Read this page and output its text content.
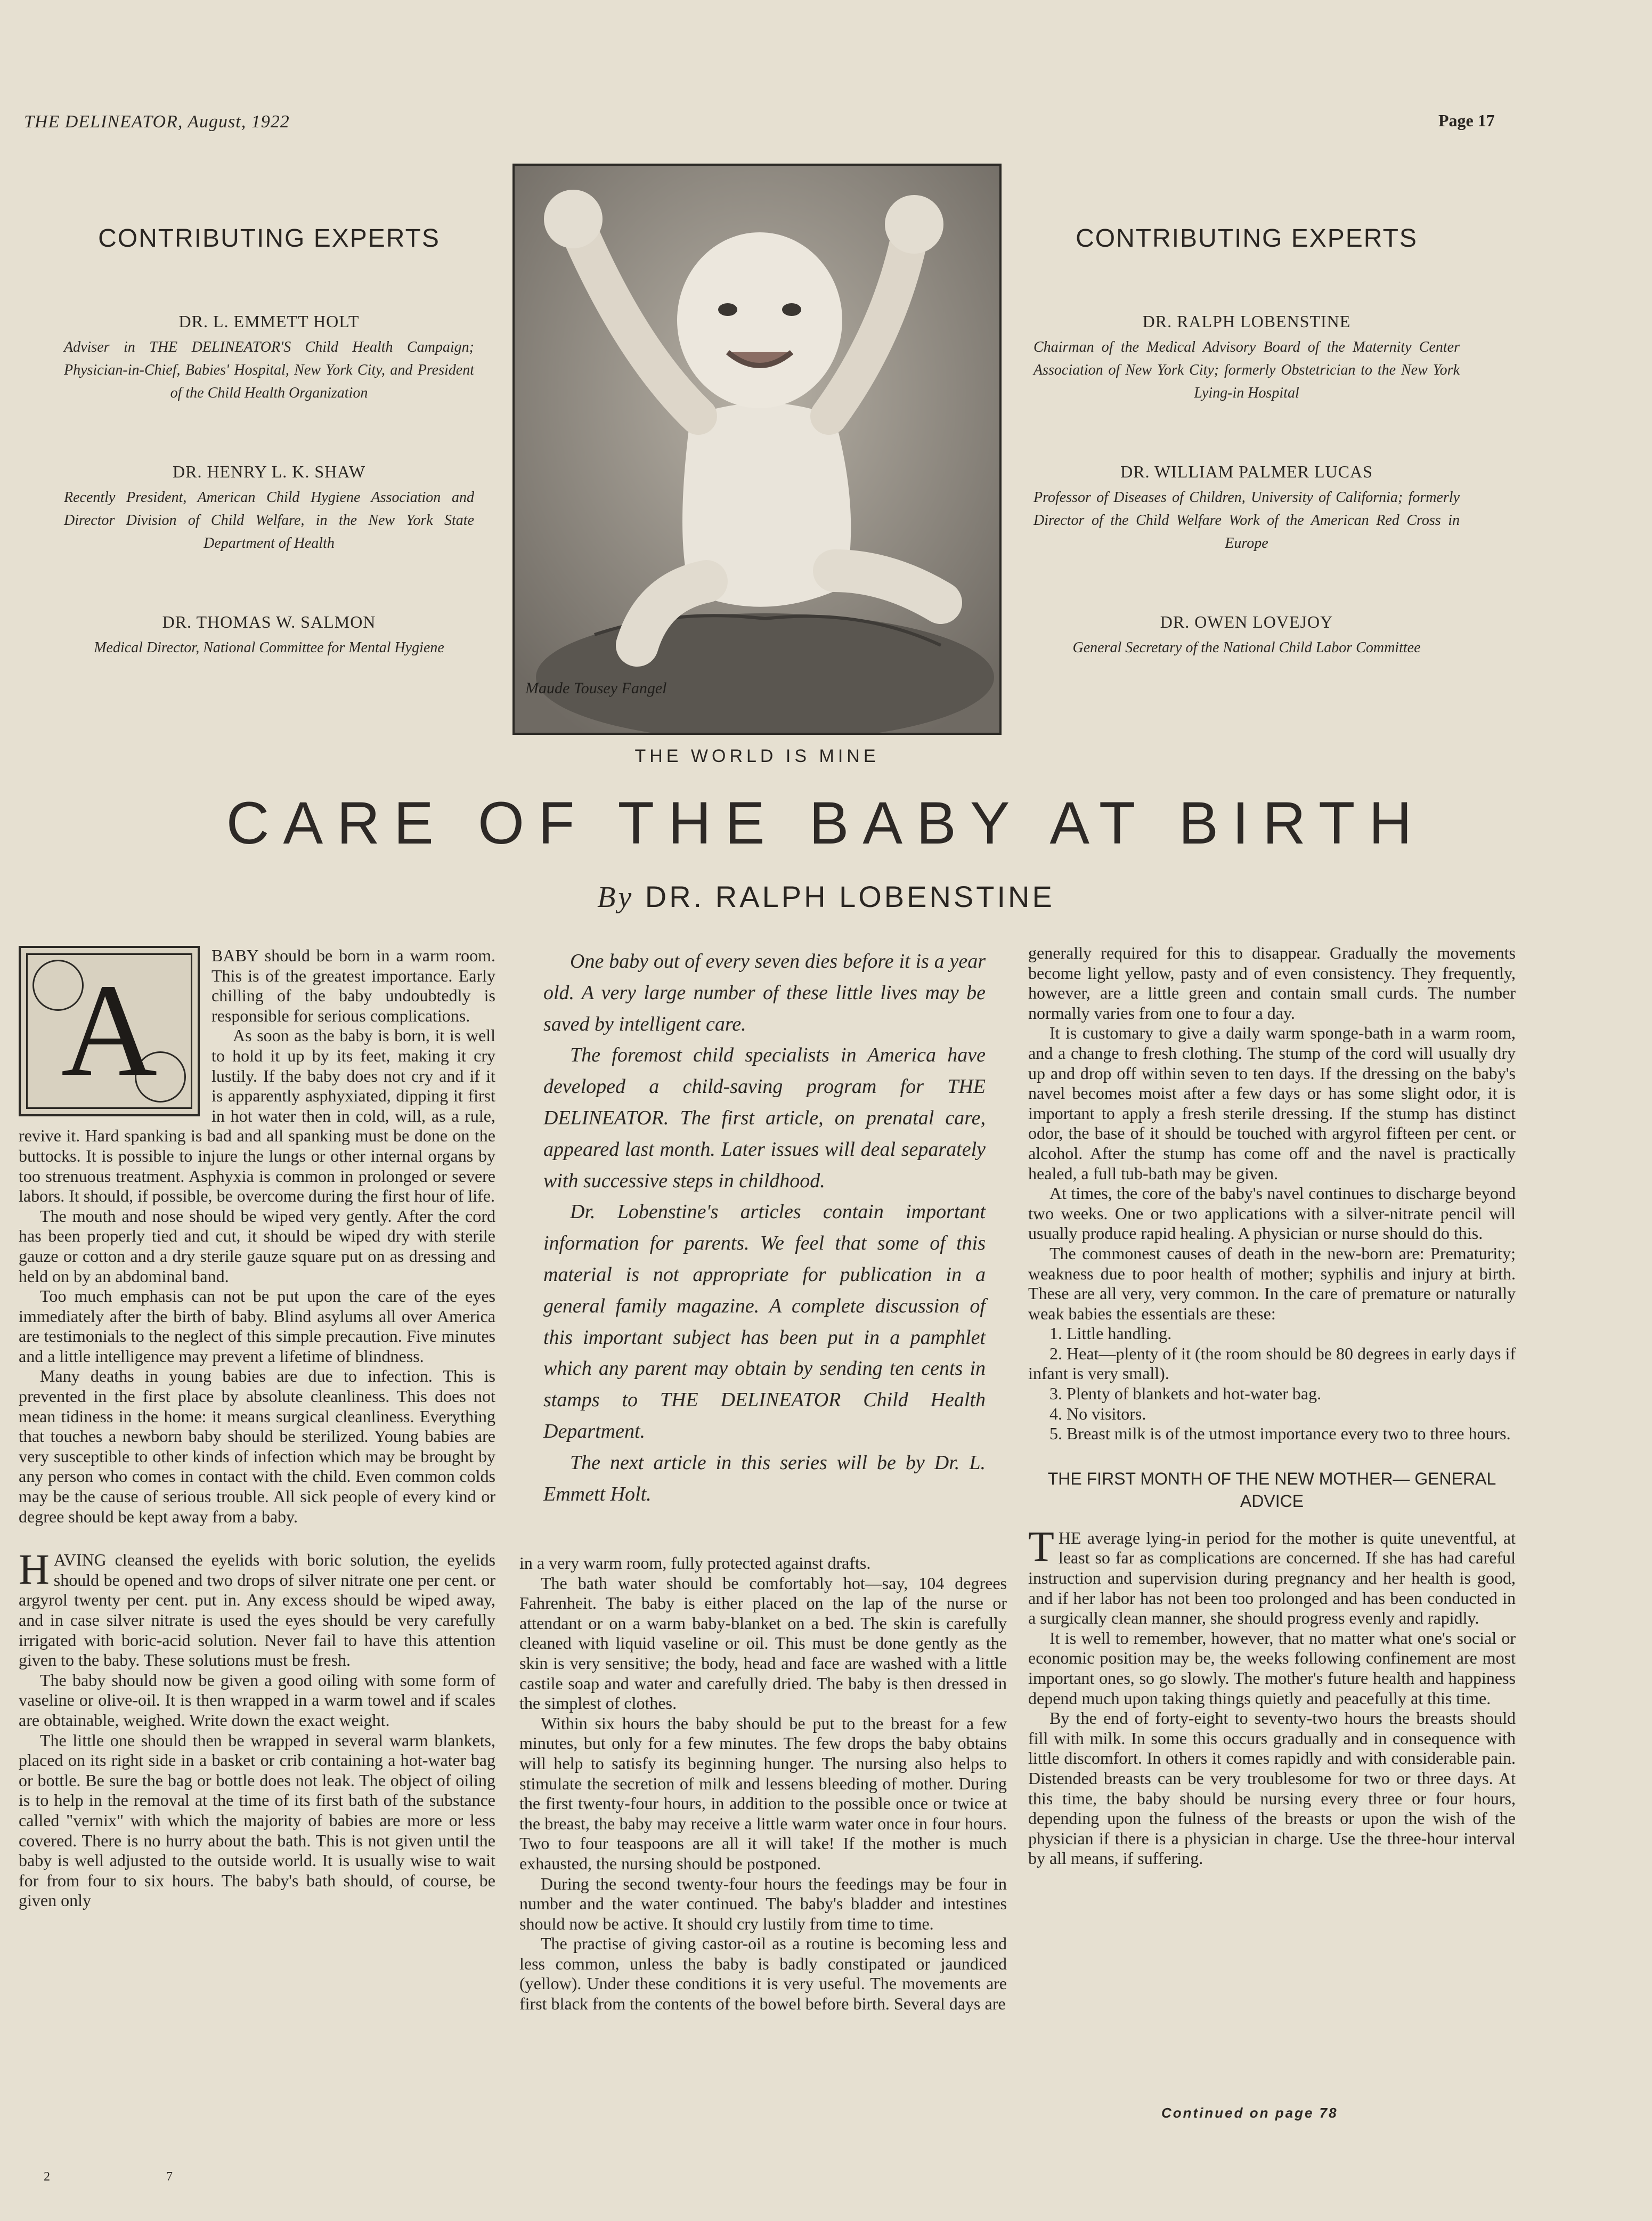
THE DELINEATOR, August, 1922	Page 17
CONTRIBUTING EXPERTS
DR. L. EMMETT HOLT
Adviser in THE DELINEATOR'S Child Health Campaign; Physician-in-Chief, Babies' Hospital, New York City, and President of the Child Health Organization
DR. HENRY L. K. SHAW
Recently President, American Child Hygiene Association and Director Division of Child Welfare, in the New York State Department of Health
DR. THOMAS W. SALMON
Medical Director, National Committee for Mental Hygiene
CONTRIBUTING EXPERTS
DR. RALPH LOBENSTINE
Chairman of the Medical Advisory Board of the Maternity Center Association of New York City; formerly Obstetrician to the New York Lying-in Hospital
DR. WILLIAM PALMER LUCAS
Professor of Diseases of Children, University of California; formerly Director of the Child Welfare Work of the American Red Cross in Europe
DR. OWEN LOVEJOY
General Secretary of the National Child Labor Committee
Maude Tousey Fangel
THE WORLD IS MINE
CARE OF THE BABY AT BIRTH
By DR. RALPH LOBENSTINE
A

BABY should be born in a warm room. This is of the greatest importance. Early chilling of the baby undoubtedly is responsible for serious complications.

As soon as the baby is born, it is well to hold it up by its feet, making it cry lustily. If the baby does not cry and if it is apparently asphyxiated, dipping it first in hot water then in cold, will, as a rule, revive it. Hard spanking is bad and all spanking must be done on the buttocks. It is possible to injure the lungs or other internal organs by too strenuous treatment. Asphyxia is common in prolonged or severe labors. It should, if possible, be overcome during the first hour of life.

The mouth and nose should be wiped very gently. After the cord has been properly tied and cut, it should be wiped dry with sterile gauze or cotton and a dry sterile gauze square put on as dressing and held on by an abdominal band.

Too much emphasis can not be put upon the care of the eyes immediately after the birth of baby. Blind asylums all over America are testimonials to the neglect of this simple precaution. Five minutes and a little intelligence may prevent a lifetime of blindness.

Many deaths in young babies are due to infection. This is prevented in the first place by absolute cleanliness. This does not mean tidiness in the home: it means surgical cleanliness. Everything that touches a newborn baby should be sterilized. Young babies are very susceptible to other kinds of infection which may be brought by any person who comes in contact with the child. Even common colds may be the cause of serious trouble. All sick people of every kind or degree should be kept away from a baby.

HAVING cleansed the eyelids with boric solution, the eyelids should be opened and two drops of silver nitrate one per cent. or argyrol twenty per cent. put in. Any excess should be wiped away, and in case silver nitrate is used the eyes should be very carefully irrigated with boric-acid solution. Never fail to have this attention given to the baby. These solutions must be fresh.

The baby should now be given a good oiling with some form of vaseline or olive-oil. It is then wrapped in a warm towel and if scales are obtainable, weighed. Write down the exact weight.

The little one should then be wrapped in several warm blankets, placed on its right side in a basket or crib containing a hot-water bag or bottle. Be sure the bag or bottle does not leak. The object of oiling is to help in the removal at the time of its first bath of the substance called "vernix" with which the majority of babies are more or less covered. There is no hurry about the bath. This is not given until the baby is well adjusted to the outside world. It is usually wise to wait for from four to six hours. The baby's bath should, of course, be given only

One baby out of every seven dies before it is a year old. A very large number of these little lives may be saved by intelligent care.

The foremost child specialists in America have developed a child-saving program for THE DELINEATOR. The first article, on prenatal care, appeared last month. Later issues will deal separately with successive steps in childhood.

Dr. Lobenstine's articles contain important information for parents. We feel that some of this material is not appropriate for publication in a general family magazine. A complete discussion of this important subject has been put in a pamphlet which any parent may obtain by sending ten cents in stamps to THE DELINEATOR Child Health Department.

The next article in this series will be by Dr. L. Emmett Holt.

in a very warm room, fully protected against drafts.

The bath water should be comfortably hot—say, 104 degrees Fahrenheit. The baby is either placed on the lap of the nurse or attendant or on a warm baby-blanket on a bed. The skin is carefully cleaned with liquid vaseline or oil. This must be done gently as the skin is very sensitive; the body, head and face are washed with a little castile soap and water and carefully dried. The baby is then dressed in the simplest of clothes.

Within six hours the baby should be put to the breast for a few minutes, but only for a few minutes. The few drops the baby obtains will help to satisfy its beginning hunger. The nursing also helps to stimulate the secretion of milk and lessens bleeding of mother. During the first twenty-four hours, in addition to the possible once or twice at the breast, the baby may receive a little warm water once in four hours. Two to four teaspoons are all it will take! If the mother is much exhausted, the nursing should be postponed.

During the second twenty-four hours the feedings may be four in number and the water continued. The baby's bladder and intestines should now be active. It should cry lustily from time to time.

The practise of giving castor-oil as a routine is becoming less and less common, unless the baby is badly constipated or jaundiced (yellow). Under these conditions it is very useful. The movements are first black from the contents of the bowel before birth. Several days are

generally required for this to disappear. Gradually the movements become light yellow, pasty and of even consistency. They frequently, however, are a little green and contain small curds. The number normally varies from one to four a day.

It is customary to give a daily warm sponge-bath in a warm room, and a change to fresh clothing. The stump of the cord will usually dry up and drop off within seven to ten days. If the dressing on the baby's navel becomes moist after a few days or has some slight odor, it is important to apply a fresh sterile dressing. If the stump has distinct odor, the base of it should be touched with argyrol fifteen per cent. or alcohol. After the stump has come off and the navel is practically healed, a full tub-bath may be given.

At times, the core of the baby's navel continues to discharge beyond two weeks. One or two applications with a silver-nitrate pencil will usually produce rapid healing. A physician or nurse should do this.

The commonest causes of death in the new-born are: Prematurity; weakness due to poor health of mother; syphilis and injury at birth. These are all very, very common. In the care of premature or naturally weak babies the essentials are these:

1. Little handling.

2. Heat—plenty of it (the room should be 80 degrees in early days if infant is very small).

3. Plenty of blankets and hot-water bag.

4. No visitors.

5. Breast milk is of the utmost importance every two to three hours.

THE FIRST MONTH OF THE NEW MOTHER— GENERAL ADVICE

THE average lying-in period for the mother is quite uneventful, at least so far as complications are concerned. If she has had careful instruction and supervision during pregnancy and her health is good, and if her labor has not been too prolonged and has been conducted in a surgically clean manner, she should progress evenly and rapidly.

It is well to remember, however, that no matter what one's social or economic position may be, the weeks following confinement are most important ones, so go slowly. The mother's future health and happiness depend much upon taking things quietly and peacefully at this time.

By the end of forty-eight to seventy-two hours the breasts should fill with milk. In some this occurs gradually and in consequence with little discomfort. In others it comes rapidly and with considerable pain. Distended breasts can be very troublesome for two or three days. At this time, the baby should be nursing every three or four hours, depending upon the fulness of the breasts or upon the wish of the physician if there is a physician in charge. Use the three-hour interval by all means, if suffering.

Continued on page 78
2	7
